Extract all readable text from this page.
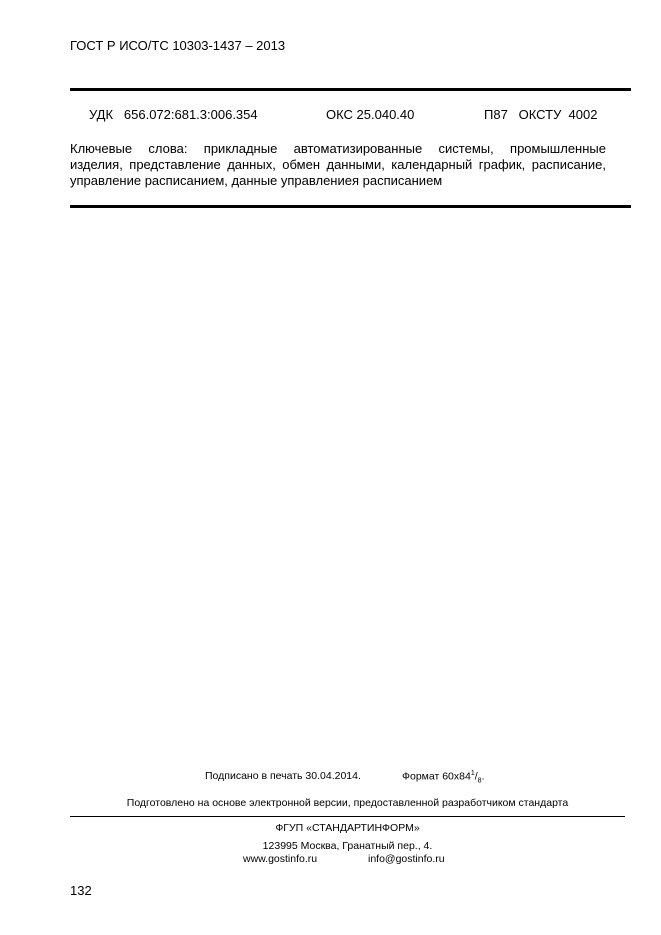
ГОСТ Р ИСО/ТС 10303-1437 – 2013
УДК   656.072:681.3:006.354	ОКС 25.040.40	П87   ОКСТУ  4002
Ключевые слова: прикладные автоматизированные системы, промышленные
изделия, представление данных, обмен данными, календарный график, расписание,
управление расписанием, данные управлениея расписанием
Подписано в печать 30.04.2014.	Формат $60x84^1/_8$.
Подготовлено на основе электронной версии, предоставленной разработчиком стандарта
ФГУП «СТАНДАРТИНФОРМ»
123995 Москва, Гранатный пер., 4.
www.gostinfo.ru	info@gostinfo.ru
132
